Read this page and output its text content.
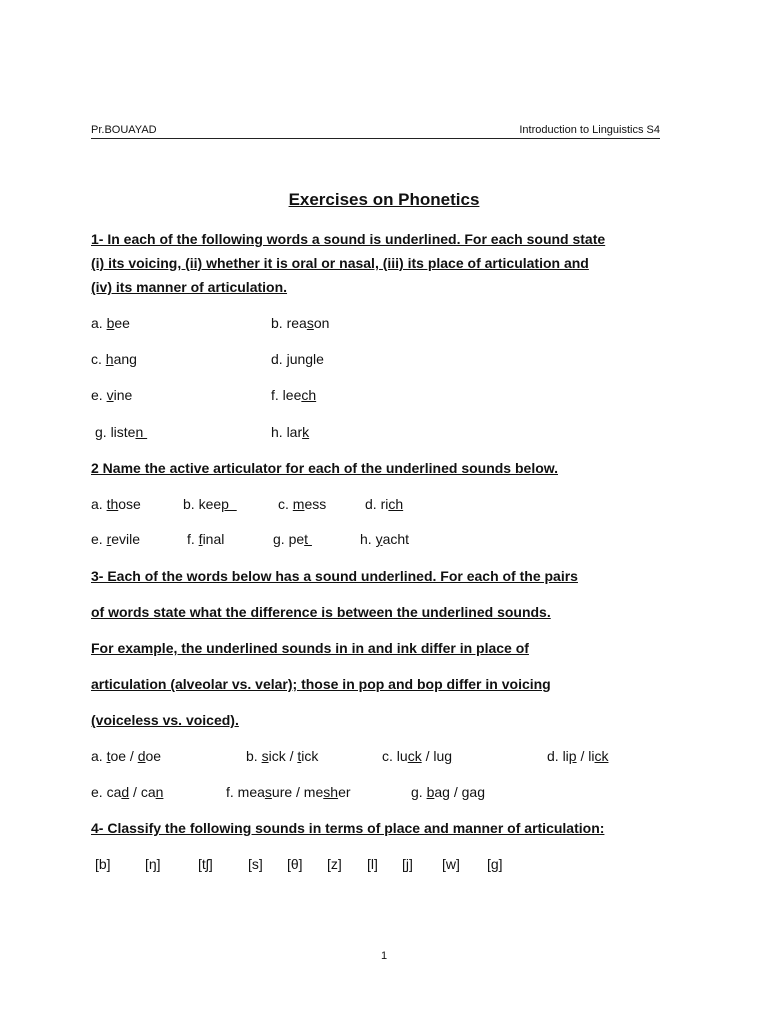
Pr.BOUAYAD	Introduction to Linguistics S4
Exercises on Phonetics
1- In each of the following words a sound is underlined. For each sound state
(i) its voicing, (ii) whether it is oral or nasal, (iii) its place of articulation and
(iv) its manner of articulation.
a. bee	b. reason
c. hang	d. jungle
e. vine	f. leech
g. listen	h. lark
2 Name the active articulator for each of the underlined sounds below.
a. those	b. keep	c. mess	d. rich
e. revile	f. final	g. pet	h. yacht
3- Each of the words below has a sound underlined. For each of the pairs
of words state what the difference is between the underlined sounds.
For example, the underlined sounds in in and ink differ in place of
articulation (alveolar vs. velar); those in pop and bop differ in voicing
(voiceless vs. voiced).
a. toe / doe	b. sick / tick	c. luck / lug	d. lip / lick
e. cad / can	f. measure / mesher	g. bag / gag
4- Classify the following sounds in terms of place and manner of articulation:
[b] [ŋ]	[tʃ]	[s] [θ] [z] [l] [j] [w] [g]
1
